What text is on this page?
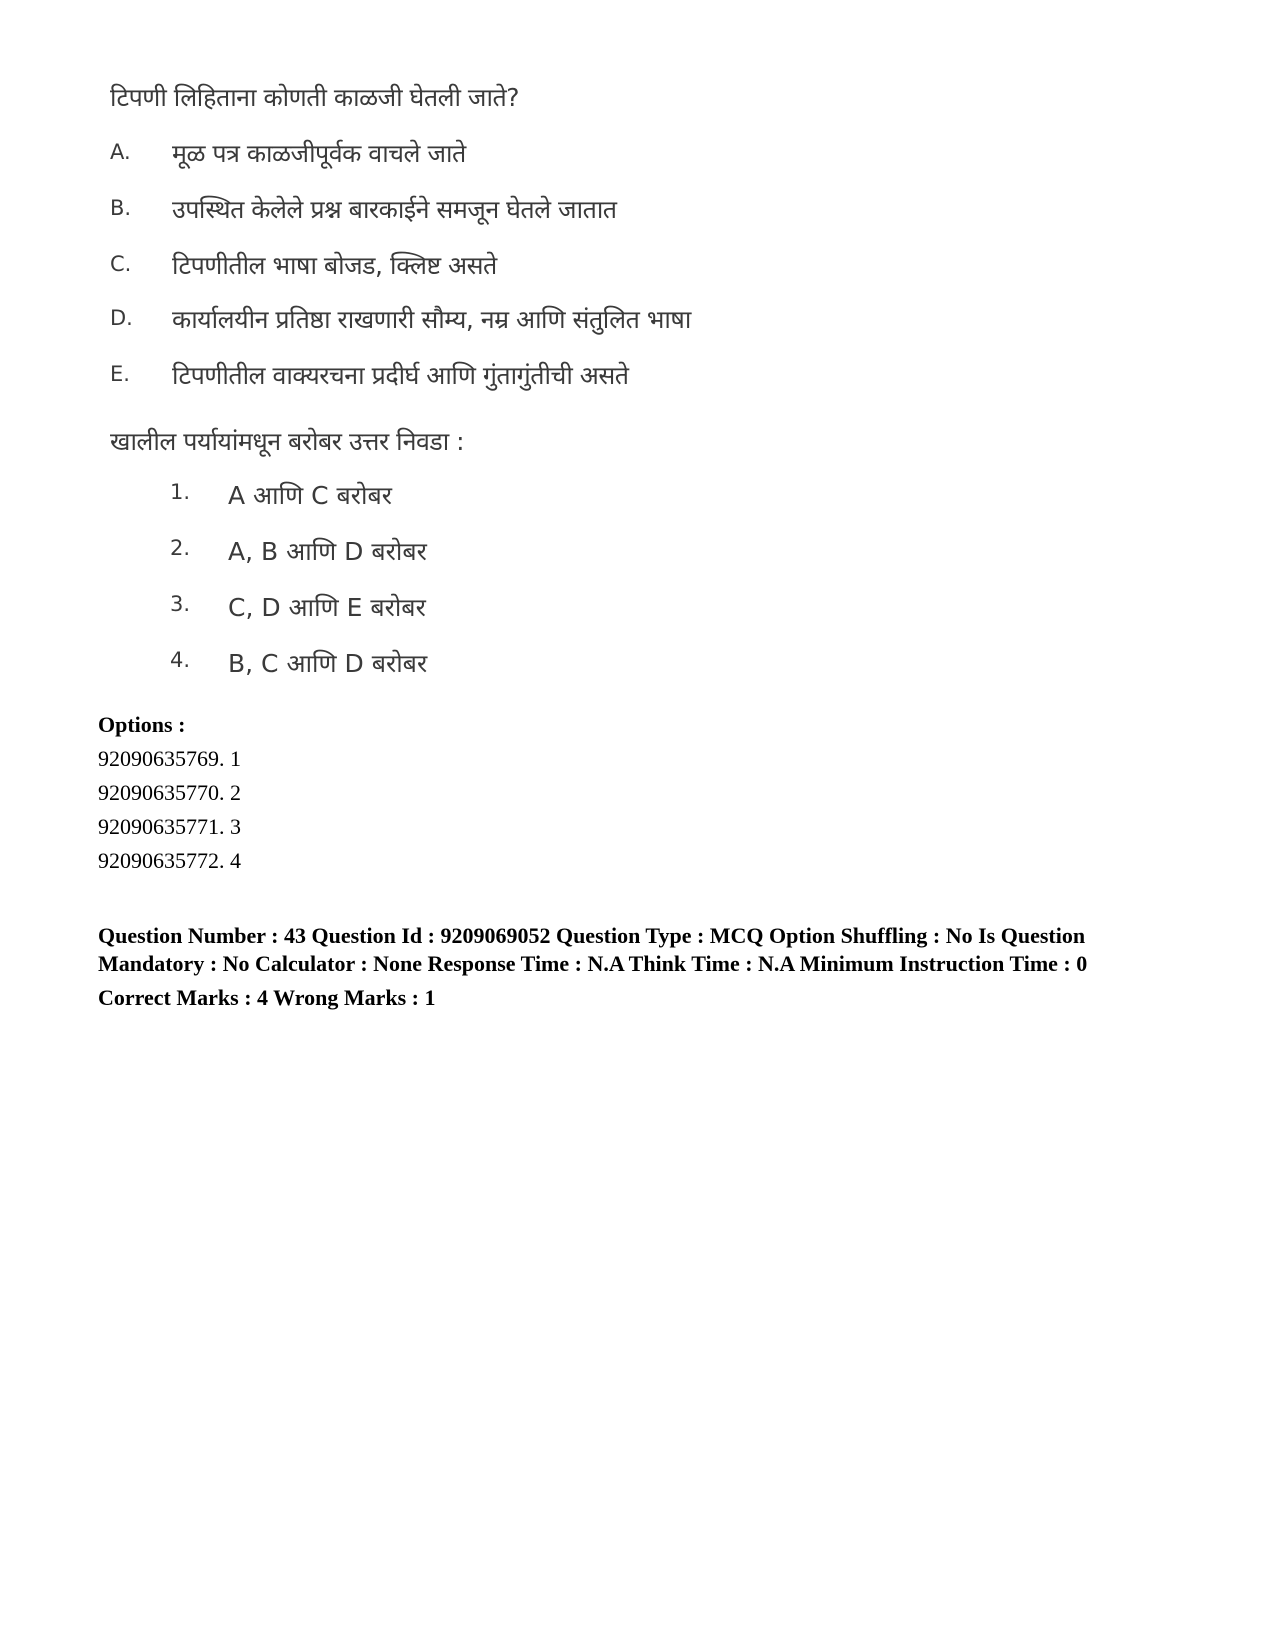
टिपणी लिहिताना कोणती काळजी घेतली जाते?
A. मूळ पत्र काळजीपूर्वक वाचले जाते
B. उपस्थित केलेले प्रश्न बारकाईने समजून घेतले जातात
C. टिपणीतील भाषा बोजड, क्लिष्ट असते
D. कार्यालयीन प्रतिष्ठा राखणारी सौम्य, नम्र आणि संतुलित भाषा
E. टिपणीतील वाक्यरचना प्रदीर्घ आणि गुंतागुंतीची असते
खालील पर्यायांमधून बरोबर उत्तर निवडा :
1. A आणि C बरोबर
2. A, B आणि D बरोबर
3. C, D आणि E बरोबर
4. B, C आणि D बरोबर

Options :

92090635769. 1

92090635770. 2

92090635771. 3

92090635772. 4

Question Number : 43 Question Id : 9209069052 Question Type : MCQ Option Shuffling : No Is Question Mandatory : No Calculator : None Response Time : N.A Think Time : N.A Minimum Instruction Time : 0

Correct Marks : 4 Wrong Marks : 1
